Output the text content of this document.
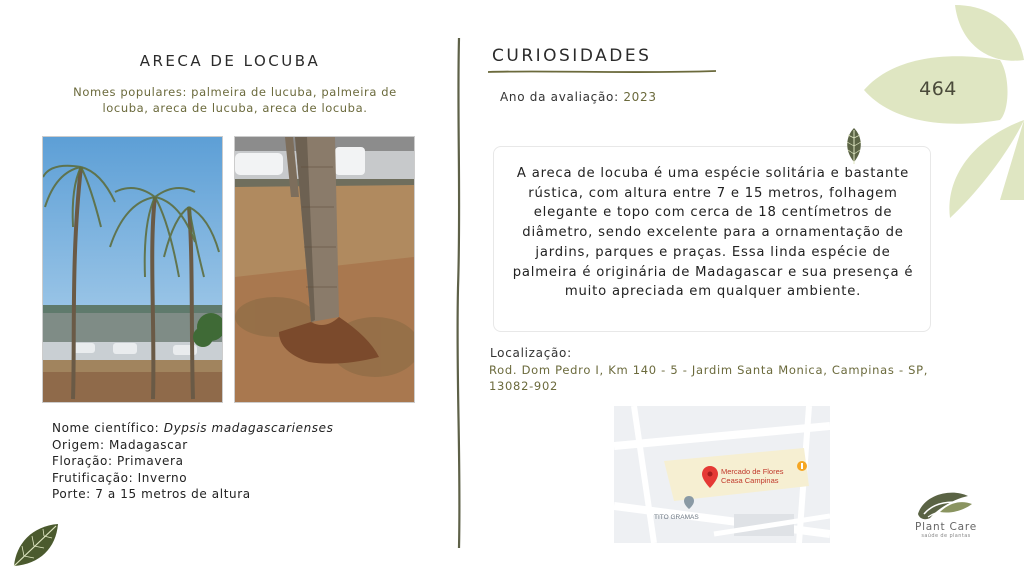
ARECA DE LOCUBA
Nomes populares: palmeira de lucuba, palmeira de locuba, areca de lucuba, areca de locuba.
Nome científico: Dypsis madagascarienses
Origem: Madagascar
Floração: Primavera
Frutificação: Inverno
Porte: 7 a 15 metros de altura
CURIOSIDADES
Ano da avaliação: 2023
A areca de locuba é uma espécie solitária e bastante rústica, com altura entre 7 e 15 metros, folhagem elegante e topo com cerca de 18 centímetros de diâmetro, sendo excelente para a ornamentação de jardins, parques e praças. Essa linda espécie de palmeira é originária de Madagascar e sua presença é muito apreciada em qualquer ambiente.
Localização:
Rod. Dom Pedro I, Km 140 - 5 - Jardim Santa Monica, Campinas - SP, 13082-902
Mercado de Flores
Ceasa Campinas
TITO GRAMAS
464
Plant Care
saúde de plantas
